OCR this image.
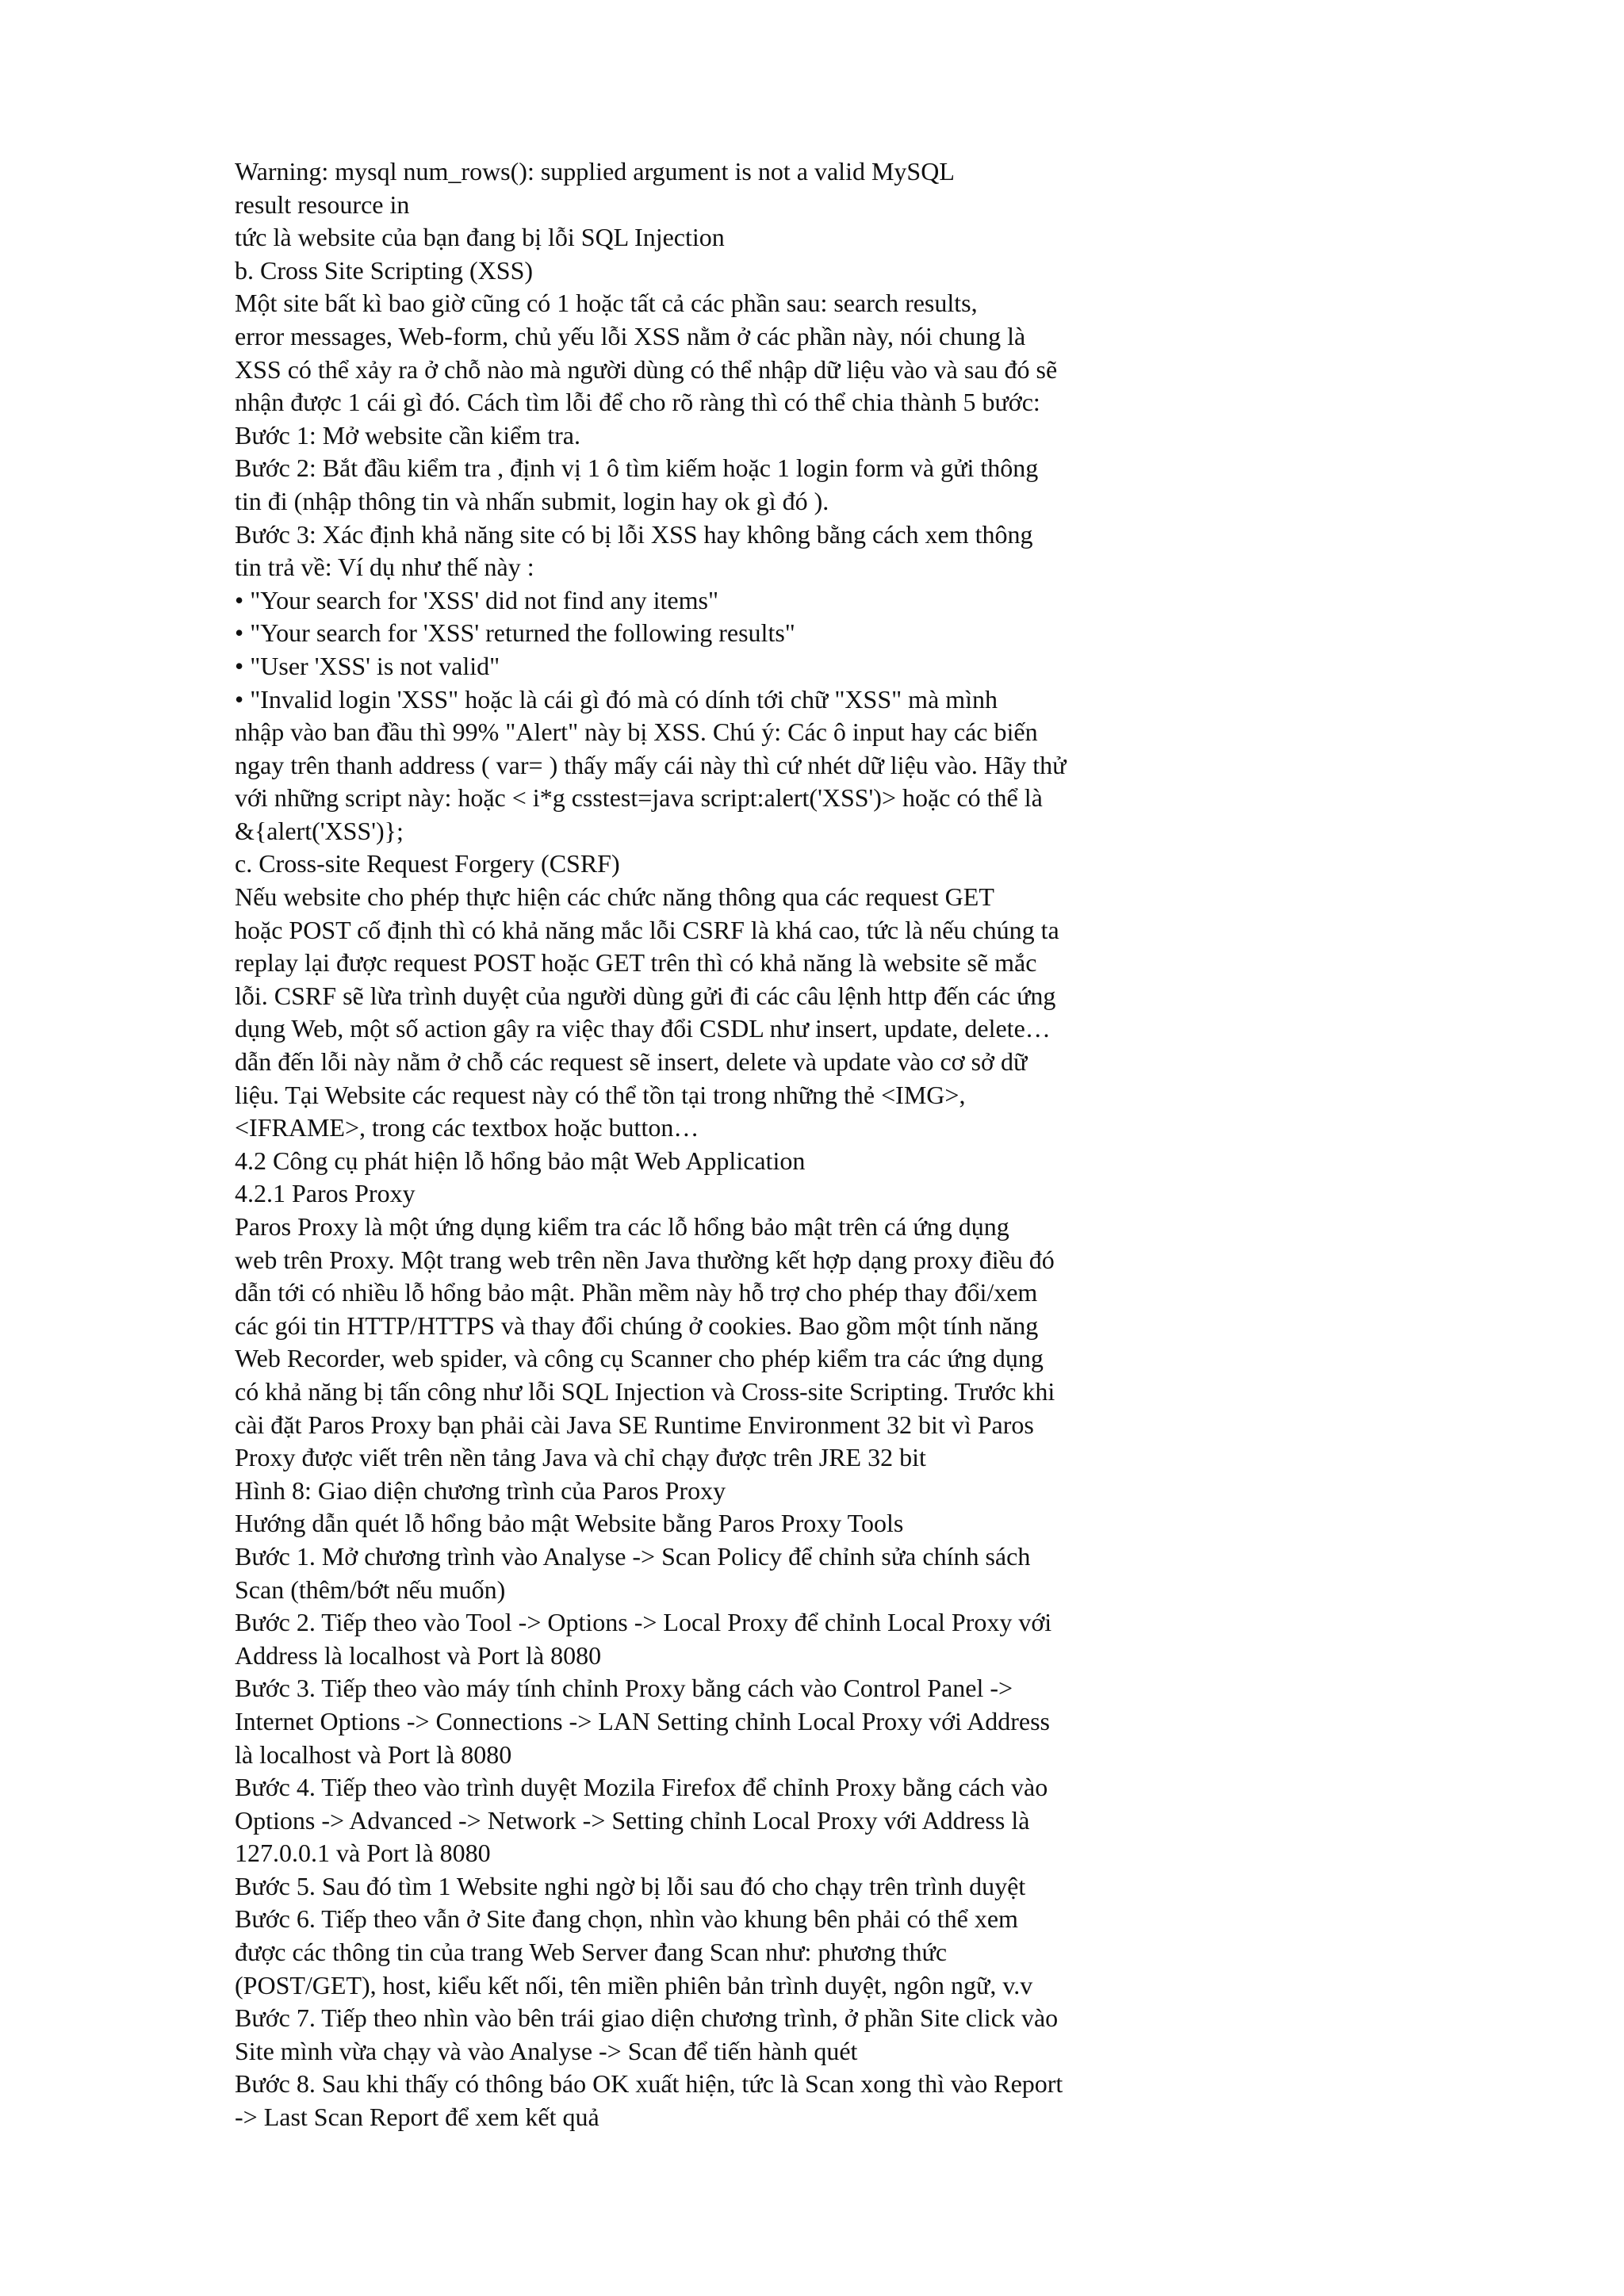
Warning: mysql num_rows(): supplied argument is not a valid MySQL
result resource in
tức là website của bạn đang bị lỗi SQL Injection
b. Cross Site Scripting (XSS)
Một site bất kì bao giờ cũng có 1 hoặc tất cả các phần sau: search results,
error messages, Web-form, chủ yếu lỗi XSS nằm ở các phần này, nói chung là
XSS có thể xảy ra ở chỗ nào mà người dùng có thể nhập dữ liệu vào và sau đó sẽ
nhận được 1 cái gì đó. Cách tìm lỗi để cho rõ ràng thì có thể chia thành 5 bước:
Bước 1: Mở website cần kiểm tra.
Bước 2: Bắt đầu kiểm tra , định vị 1 ô tìm kiếm hoặc 1 login form và gửi thông
tin đi (nhập thông tin và nhấn submit, login hay ok gì đó ).
Bước 3: Xác định khả năng site có bị lỗi XSS hay không bằng cách xem thông
tin trả về: Ví dụ như thế này :
• "Your search for 'XSS' did not find any items"
• "Your search for 'XSS' returned the following results"
• "User 'XSS' is not valid"
• "Invalid login 'XSS" hoặc là cái gì đó mà có dính tới chữ "XSS" mà mình
nhập vào ban đầu thì 99% "Alert" này bị XSS. Chú ý: Các ô input hay các biến
ngay trên thanh address ( var= ) thấy mấy cái này thì cứ nhét dữ liệu vào. Hãy thử
với những script này: hoặc < i*g csstest=java script:alert('XSS')> hoặc có thể là
&{alert('XSS')};
c. Cross-site Request Forgery (CSRF)
Nếu website cho phép thực hiện các chức năng thông qua các request GET
hoặc POST cố định thì có khả năng mắc lỗi CSRF là khá cao, tức là nếu chúng ta
replay lại được request POST hoặc GET trên thì có khả năng là website sẽ mắc
lỗi. CSRF sẽ lừa trình duyệt của người dùng gửi đi các câu lệnh http đến các ứng
dụng Web, một số action gây ra việc thay đổi CSDL như insert, update, delete…
dẫn đến lỗi này nằm ở chỗ các request sẽ insert, delete và update vào cơ sở dữ
liệu. Tại Website các request này có thể tồn tại trong những thẻ <IMG>,
<IFRAME>, trong các textbox hoặc button…
4.2 Công cụ phát hiện lỗ hổng bảo mật Web Application
4.2.1 Paros Proxy
Paros Proxy là một ứng dụng kiểm tra các lỗ hổng bảo mật trên cá ứng dụng
web trên Proxy. Một trang web trên nền Java thường kết hợp dạng proxy điều đó
dẫn tới có nhiều lỗ hổng bảo mật. Phần mềm này hỗ trợ cho phép thay đổi/xem
các gói tin HTTP/HTTPS và thay đổi chúng ở cookies. Bao gồm một tính năng
Web Recorder, web spider, và công cụ Scanner cho phép kiểm tra các ứng dụng
có khả năng bị tấn công như lỗi SQL Injection và Cross-site Scripting. Trước khi
cài đặt Paros Proxy bạn phải cài Java SE Runtime Environment 32 bit vì Paros
Proxy được viết trên nền tảng Java và chỉ chạy được trên JRE 32 bit
Hình 8: Giao diện chương trình của Paros Proxy
Hướng dẫn quét lỗ hổng bảo mật Website bằng Paros Proxy Tools
Bước 1. Mở chương trình vào Analyse -> Scan Policy để chỉnh sửa chính sách
Scan (thêm/bớt nếu muốn)
Bước 2. Tiếp theo vào Tool -> Options -> Local Proxy để chỉnh Local Proxy với
Address là localhost và Port là 8080
Bước 3. Tiếp theo vào máy tính chỉnh Proxy bằng cách vào Control Panel ->
Internet Options -> Connections -> LAN Setting chỉnh Local Proxy với Address
là localhost và Port là 8080
Bước 4. Tiếp theo vào trình duyệt Mozila Firefox để chỉnh Proxy bằng cách vào
Options -> Advanced -> Network -> Setting chỉnh Local Proxy với Address là
127.0.0.1 và Port là 8080
Bước 5. Sau đó tìm 1 Website nghi ngờ bị lỗi sau đó cho chạy trên trình duyệt
Bước 6. Tiếp theo vẫn ở Site đang chọn, nhìn vào khung bên phải có thể xem
được các thông tin của trang Web Server đang Scan như: phương thức
(POST/GET), host, kiểu kết nối, tên miền phiên bản trình duyệt, ngôn ngữ, v.v
Bước 7. Tiếp theo nhìn vào bên trái giao diện chương trình, ở phần Site click vào
Site mình vừa chạy và vào Analyse -> Scan để tiến hành quét
Bước 8. Sau khi thấy có thông báo OK xuất hiện, tức là Scan xong thì vào Report
-> Last Scan Report để xem kết quả
